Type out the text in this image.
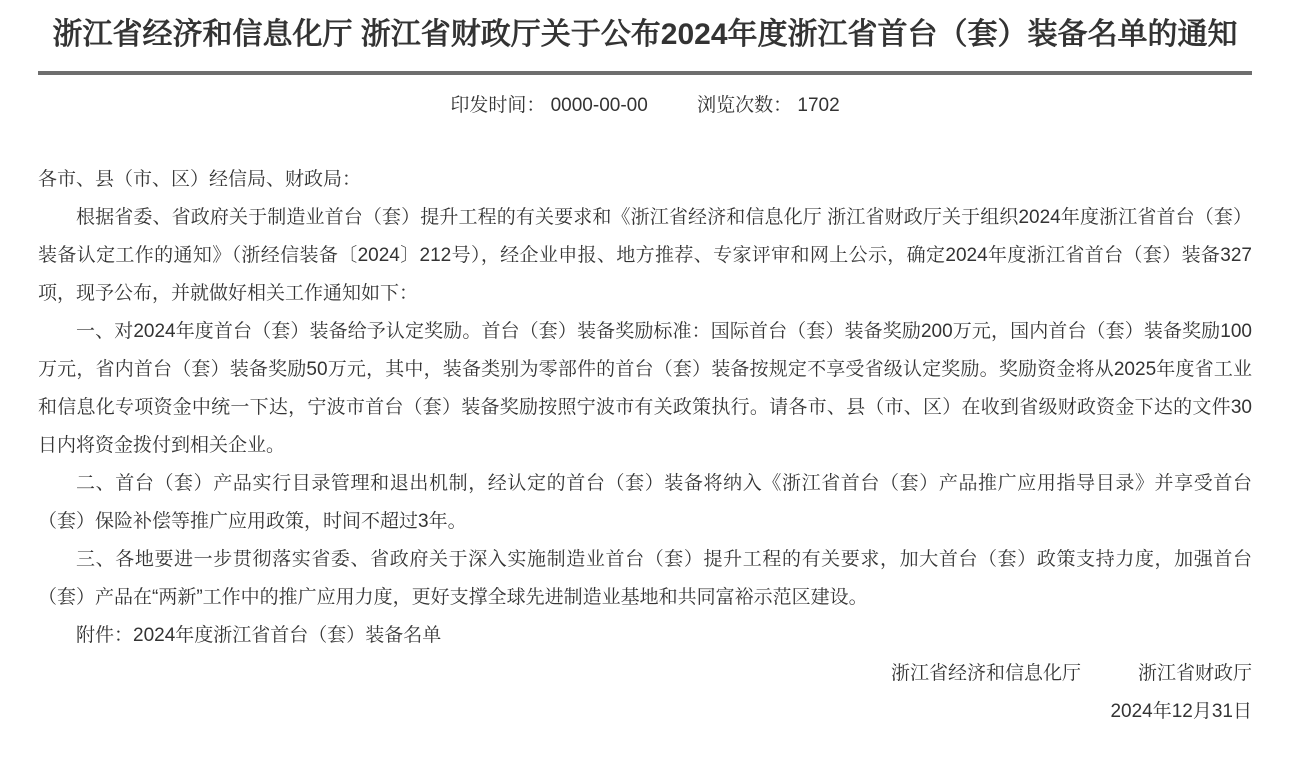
浙江省经济和信息化厅 浙江省财政厅关于公布2024年度浙江省首台（套）装备名单的通知
印发时间： 0000-00-00	浏览次数： 1702

各市、县（市、区）经信局、财政局：

根据省委、省政府关于制造业首台（套）提升工程的有关要求和《浙江省经济和信息化厅 浙江省财政厅关于组织2024年度浙江省首台（套）装备认定工作的通知》（浙经信装备〔2024〕212号），经企业申报、地方推荐、专家评审和网上公示，确定2024年度浙江省首台（套）装备327项，现予公布，并就做好相关工作通知如下：

一、对2024年度首台（套）装备给予认定奖励。首台（套）装备奖励标准：国际首台（套）装备奖励200万元，国内首台（套）装备奖励100万元，省内首台（套）装备奖励50万元，其中，装备类别为零部件的首台（套）装备按规定不享受省级认定奖励。奖励资金将从2025年度省工业和信息化专项资金中统一下达，宁波市首台（套）装备奖励按照宁波市有关政策执行。请各市、县（市、区）在收到省级财政资金下达的文件30日内将资金拨付到相关企业。

二、首台（套）产品实行目录管理和退出机制，经认定的首台（套）装备将纳入《浙江省首台（套）产品推广应用指导目录》并享受首台（套）保险补偿等推广应用政策，时间不超过3年。

三、各地要进一步贯彻落实省委、省政府关于深入实施制造业首台（套）提升工程的有关要求，加大首台（套）政策支持力度，加强首台（套）产品在“两新”工作中的推广应用力度，更好支撑全球先进制造业基地和共同富裕示范区建设。

附件：2024年度浙江省首台（套）装备名单

浙江省经济和信息化厅	浙江省财政厅

2024年12月31日
